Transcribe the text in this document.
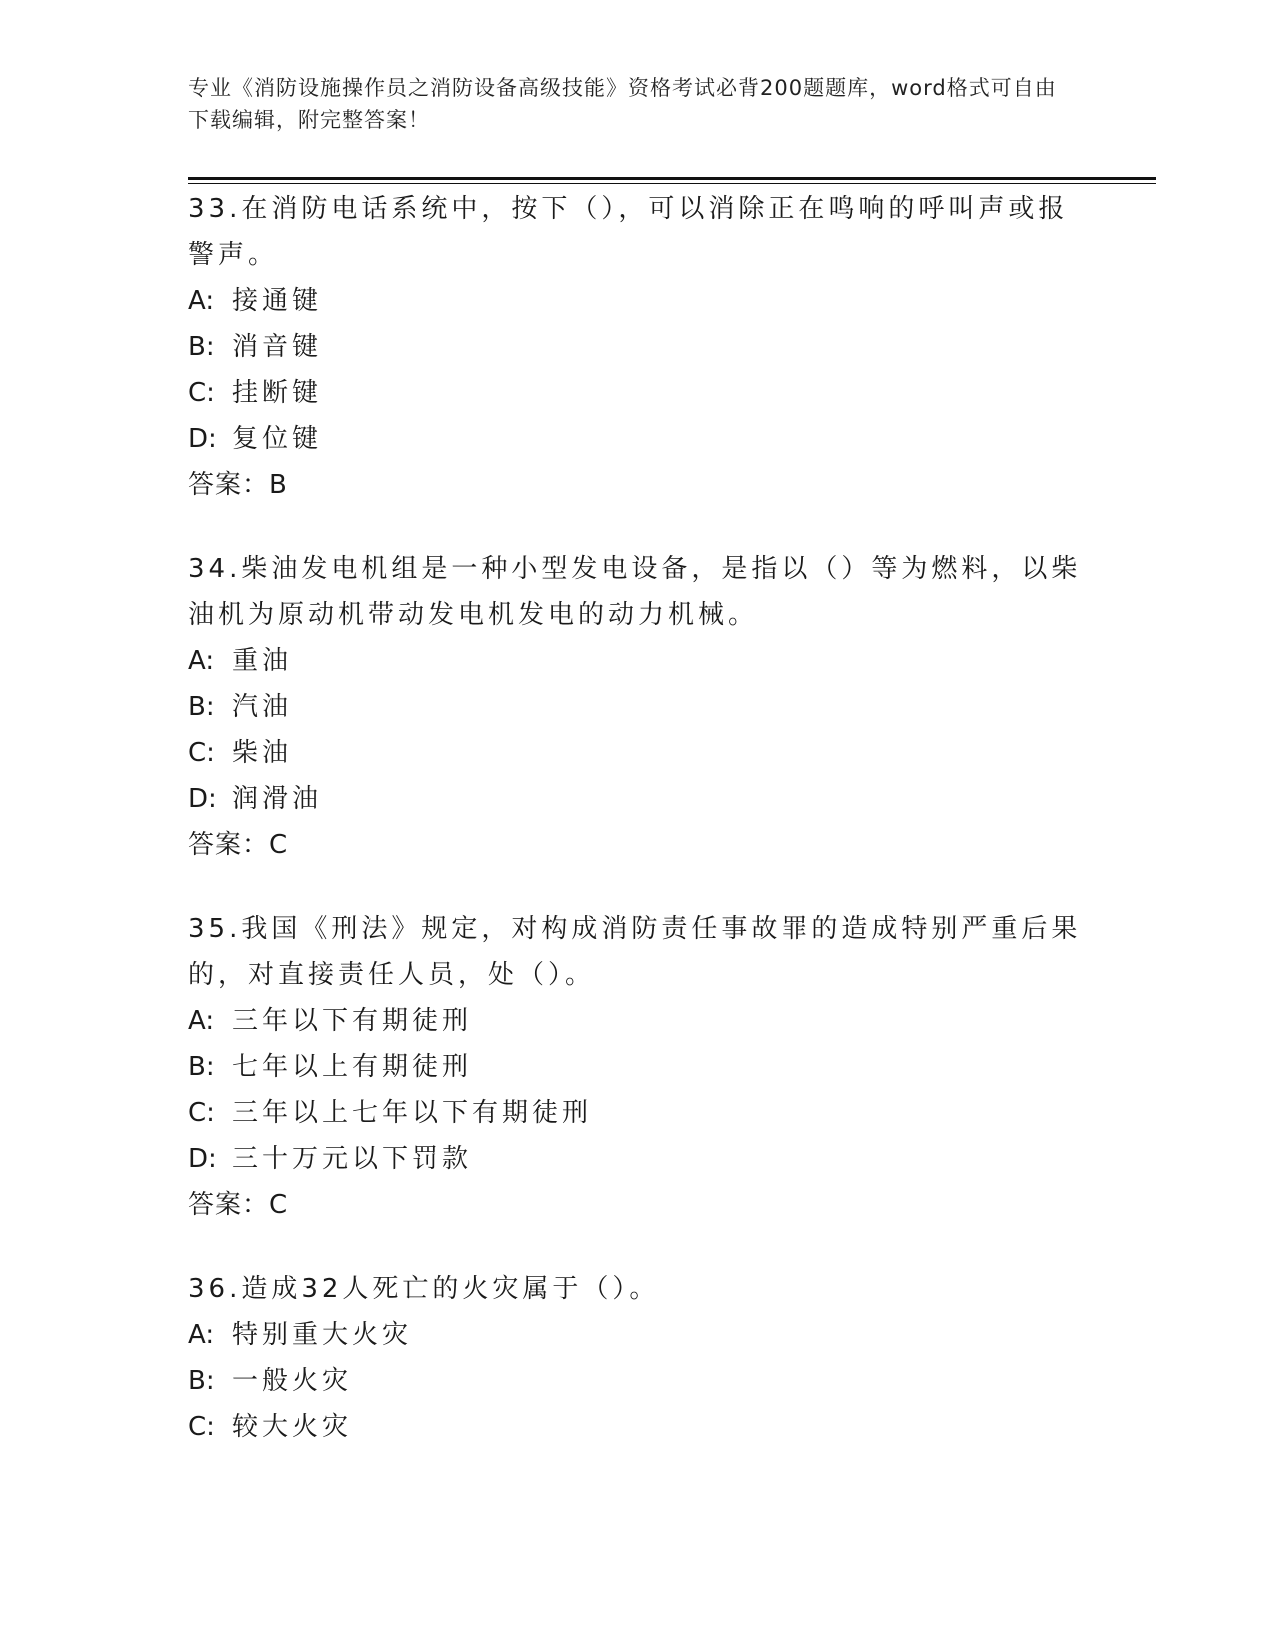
专业《消防设施操作员之消防设备高级技能》资格考试必背200题题库，word格式可自由下载编辑，附完整答案！
33.在消防电话系统中，按下（），可以消除正在鸣响的呼叫声或报警声。
A: 接通键
B: 消音键
C: 挂断键
D: 复位键
答案：B
34.柴油发电机组是一种小型发电设备，是指以（）等为燃料，以柴油机为原动机带动发电机发电的动力机械。
A: 重油
B: 汽油
C: 柴油
D: 润滑油
答案：C
35.我国《刑法》规定，对构成消防责任事故罪的造成特别严重后果的，对直接责任人员，处（）。
A: 三年以下有期徒刑
B: 七年以上有期徒刑
C: 三年以上七年以下有期徒刑
D: 三十万元以下罚款
答案：C
36.造成32人死亡的火灾属于（）。
A: 特别重大火灾
B: 一般火灾
C: 较大火灾
